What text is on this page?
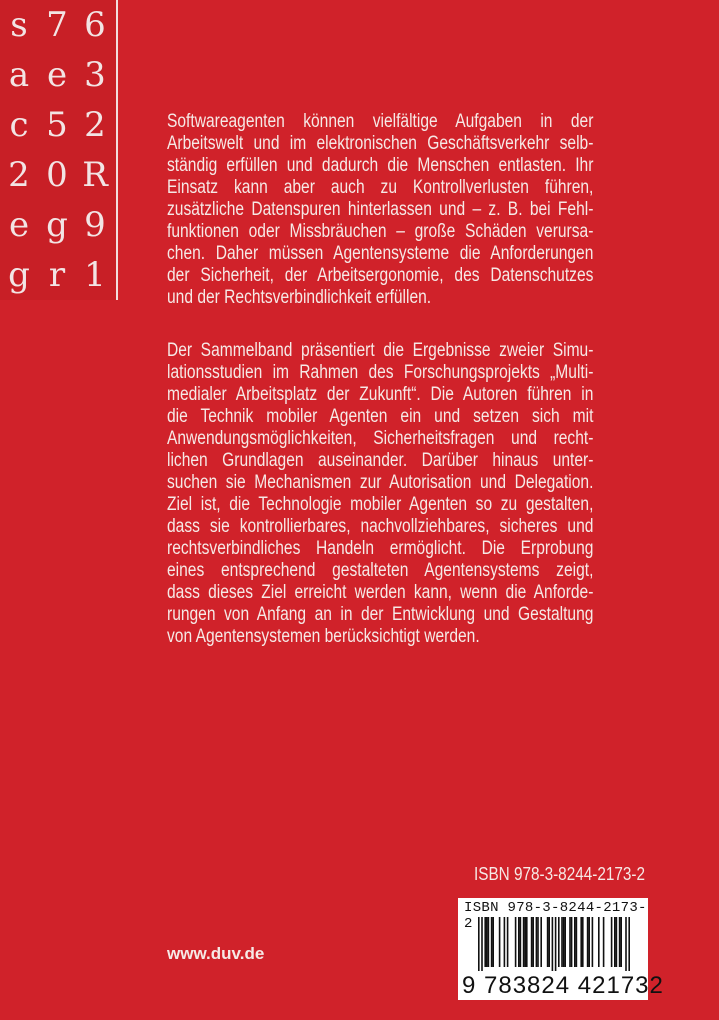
s 7 6
a e 3
c 5 2
2 0 R
e g 9
g r 1
Softwareagenten können vielfältige Aufgaben in der
Arbeitswelt und im elektronischen Geschäftsverkehr selb-
ständig erfüllen und dadurch die Menschen entlasten. Ihr
Einsatz kann aber auch zu Kontrollverlusten führen,
zusätzliche Datenspuren hinterlassen und – z. B. bei Fehl-
funktionen oder Missbräuchen – große Schäden verursa-
chen. Daher müssen Agentensysteme die Anforderungen
der Sicherheit, der Arbeitsergonomie, des Datenschutzes
und der Rechtsverbindlichkeit erfüllen.
Der Sammelband präsentiert die Ergebnisse zweier Simu-
lationsstudien im Rahmen des Forschungsprojekts „Multi-
medialer Arbeitsplatz der Zukunft“. Die Autoren führen in
die Technik mobiler Agenten ein und setzen sich mit
Anwendungsmöglichkeiten, Sicherheitsfragen und recht-
lichen Grundlagen auseinander. Darüber hinaus unter-
suchen sie Mechanismen zur Autorisation und Delegation.
Ziel ist, die Technologie mobiler Agenten so zu gestalten,
dass sie kontrollierbares, nachvollziehbares, sicheres und
rechtsverbindliches Handeln ermöglicht. Die Erprobung
eines entsprechend gestalteten Agentensystems zeigt,
dass dieses Ziel erreicht werden kann, wenn die Anforde-
rungen von Anfang an in der Entwicklung und Gestaltung
von Agentensystemen berücksichtigt werden.
ISBN 978-3-8244-2173-2
ISBN 978-3-8244-2173-2
9 783824 421732
www.duv.de
